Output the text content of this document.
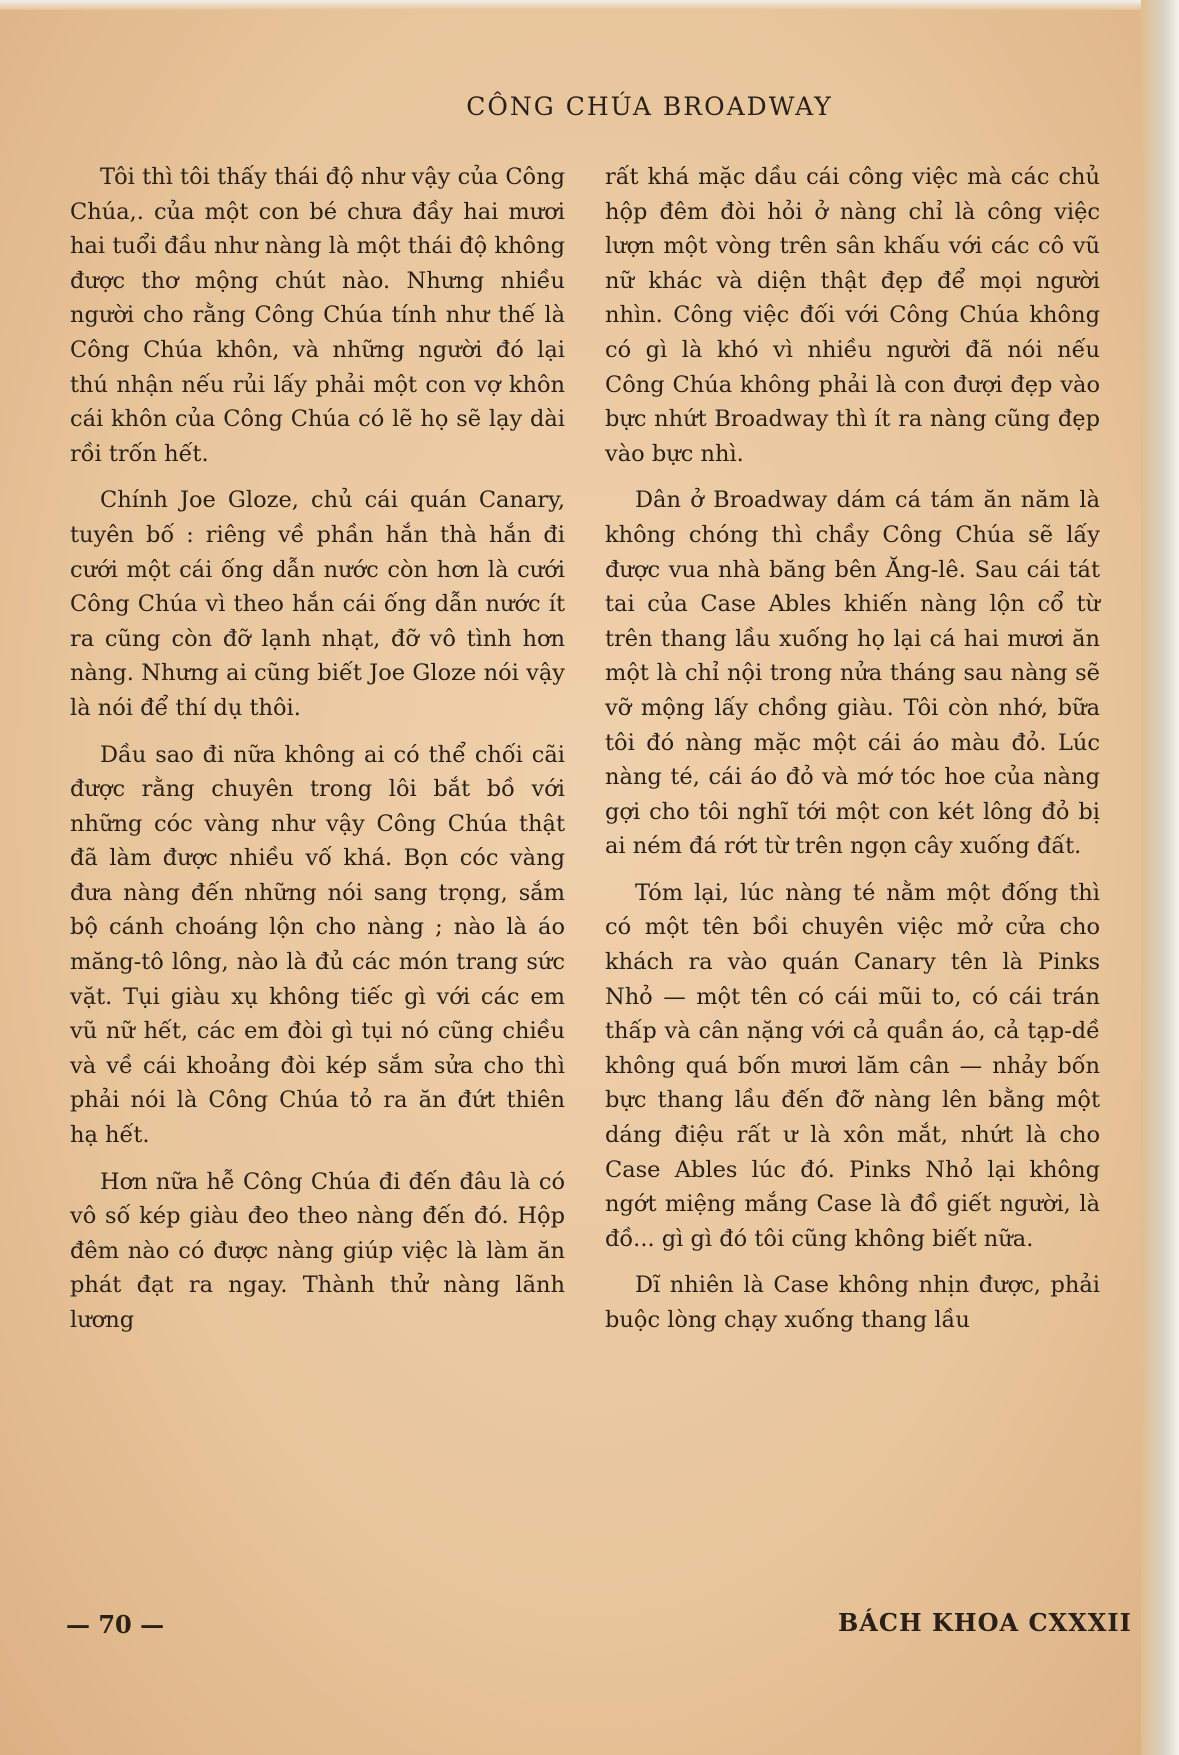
CÔNG CHÚA BROADWAY

Tôi thì tôi thấy thái độ như vậy của Công Chúa,. của một con bé chưa đầy hai mươi hai tuổi đầu như nàng là một thái độ không được thơ mộng chút nào. Nhưng nhiều người cho rằng Công Chúa tính như thế là Công Chúa khôn, và những người đó lại thú nhận nếu rủi lấy phải một con vợ khôn cái khôn của Công Chúa có lẽ họ sẽ lạy dài rồi trốn hết.

Chính Joe Gloze, chủ cái quán Canary, tuyên bố : riêng về phần hắn thà hắn đi cưới một cái ống dẫn nước còn hơn là cưới Công Chúa vì theo hắn cái ống dẫn nước ít ra cũng còn đỡ lạnh nhạt, đỡ vô tình hơn nàng. Nhưng ai cũng biết Joe Gloze nói vậy là nói để thí dụ thôi.

Dầu sao đi nữa không ai có thể chối cãi được rằng chuyên trong lôi bắt bồ với những cóc vàng như vậy Công Chúa thật đã làm được nhiều vố khá. Bọn cóc vàng đưa nàng đến những nói sang trọng, sắm bộ cánh choáng lộn cho nàng ; nào là áo măng-tô lông, nào là đủ các món trang sức vặt. Tụi giàu xụ không tiếc gì với các em vũ nữ hết, các em đòi gì tụi nó cũng chiều và về cái khoảng đòi kép sắm sửa cho thì phải nói là Công Chúa tỏ ra ăn đứt thiên hạ hết.

Hơn nữa hễ Công Chúa đi đến đâu là có vô số kép giàu đeo theo nàng đến đó. Hộp đêm nào có được nàng giúp việc là làm ăn phát đạt ra ngay. Thành thử nàng lãnh lương

rất khá mặc dầu cái công việc mà các chủ hộp đêm đòi hỏi ở nàng chỉ là công việc lượn một vòng trên sân khấu với các cô vũ nữ khác và diện thật đẹp để mọi người nhìn. Công việc đối với Công Chúa không có gì là khó vì nhiều người đã nói nếu Công Chúa không phải là con đượi đẹp vào bực nhứt Broadway thì ít ra nàng cũng đẹp vào bực nhì.

Dân ở Broadway dám cá tám ăn năm là không chóng thì chầy Công Chúa sẽ lấy được vua nhà băng bên Ăng-lê. Sau cái tát tai của Case Ables khiến nàng lộn cổ từ trên thang lầu xuống họ lại cá hai mươi ăn một là chỉ nội trong nửa tháng sau nàng sẽ vỡ mộng lấy chồng giàu. Tôi còn nhớ, bữa tôi đó nàng mặc một cái áo màu đỏ. Lúc nàng té, cái áo đỏ và mớ tóc hoe của nàng gợi cho tôi nghĩ tới một con két lông đỏ bị ai ném đá rớt từ trên ngọn cây xuống đất.

Tóm lại, lúc nàng té nằm một đống thì có một tên bồi chuyên việc mở cửa cho khách ra vào quán Canary tên là Pinks Nhỏ — một tên có cái mũi to, có cái trán thấp và cân nặng với cả quần áo, cả tạp-dề không quá bốn mươi lăm cân — nhảy bốn bực thang lầu đến đỡ nàng lên bằng một dáng điệu rất ư là xôn mắt, nhứt là cho Case Ables lúc đó. Pinks Nhỏ lại không ngớt miệng mắng Case là đồ giết người, là đồ... gì gì đó tôi cũng không biết nữa.

Dĩ nhiên là Case không nhịn được, phải buộc lòng chạy xuống thang lầu

— 70 —	BÁCH KHOA CXXXII
